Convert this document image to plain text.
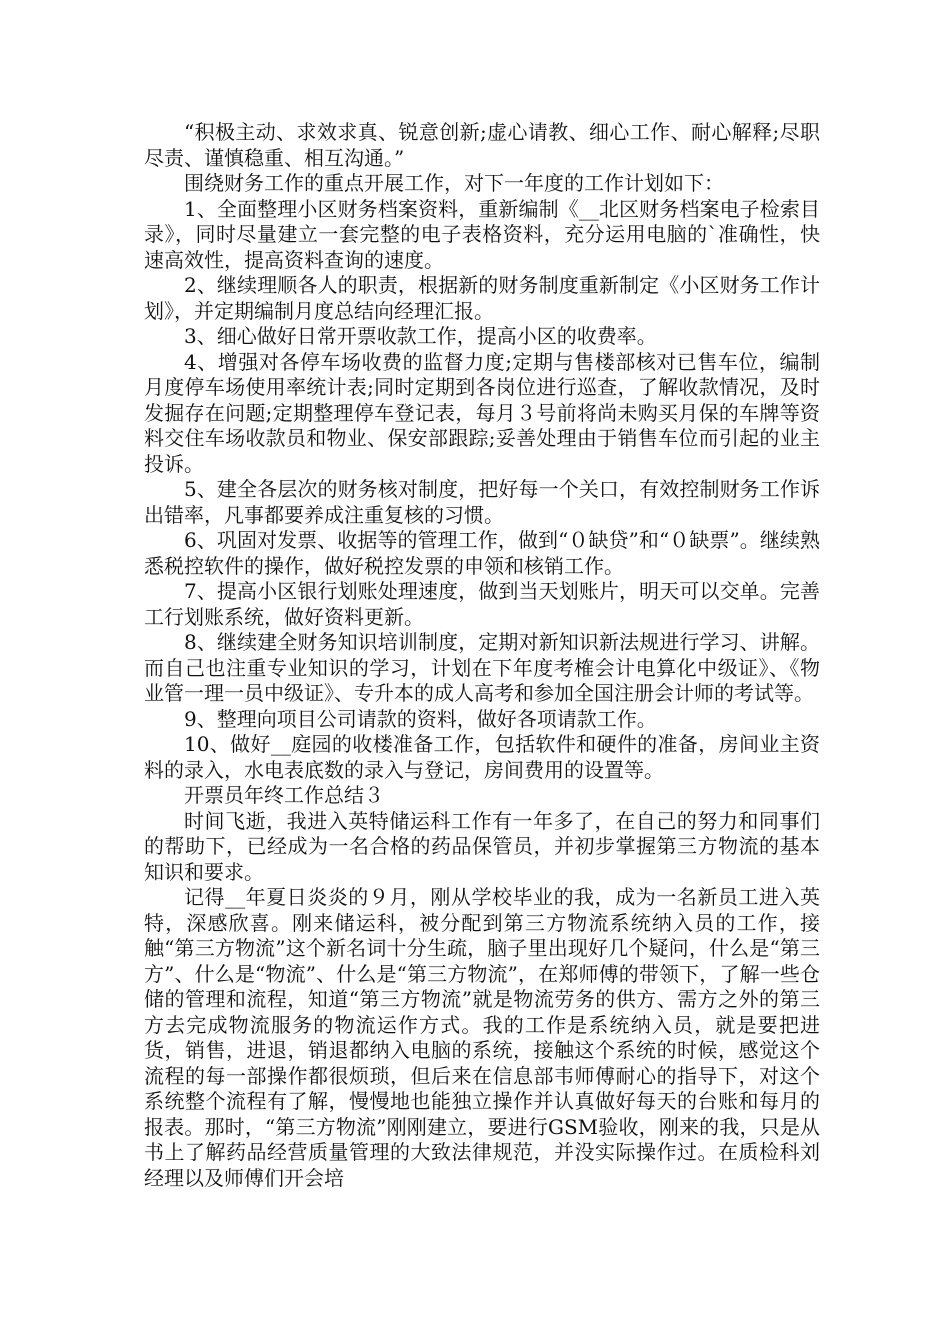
“积极主动、求效求真、锐意创新;虚心请教、细心工作、耐心解释;尽职尽责、谨慎稳重、相互沟通。”

围绕财务工作的重点开展工作，对下一年度的工作计划如下：

1、全面整理小区财务档案资料，重新编制《__北区财务档案电子检索目录》，同时尽量建立一套完整的电子表格资料，充分运用电脑的`准确性，快速高效性，提高资料查询的速度。

2、继续理顺各人的职责，根据新的财务制度重新制定《小区财务工作计划》，并定期编制月度总结向经理汇报。

3、细心做好日常开票收款工作，提高小区的收费率。

4、增强对各停车场收费的监督力度;定期与售楼部核对已售车位，编制月度停车场使用率统计表;同时定期到各岗位进行巡查，了解收款情况，及时发掘存在问题;定期整理停车登记表，每月３号前将尚未购买月保的车牌等资料交住车场收款员和物业、保安部跟踪;妥善处理由于销售车位而引起的业主投诉。

5、建全各层次的财务核对制度，把好每一个关口，有效控制财务工作诉出错率，凡事都要养成注重复核的习惯。

6、巩固对发票、收据等的管理工作，做到“０缺贷”和“０缺票”。继续熟悉税控软件的操作，做好税控发票的申领和核销工作。

7、提高小区银行划账处理速度，做到当天划账片，明天可以交单。完善工行划账系统，做好资料更新。

8、继续建全财务知识培训制度，定期对新知识新法规进行学习、讲解。而自己也注重专业知识的学习，计划在下年度考榷会计电算化中级证》、《物业管一理一员中级证》、专升本的成人高考和参加全国注册会计师的考试等。

9、整理向项目公司请款的资料，做好各项请款工作。

10、做好__庭园的收楼准备工作，包括软件和硬件的准备，房间业主资料的录入，水电表底数的录入与登记，房间费用的设置等。

开票员年终工作总结３

时间飞逝，我进入英特储运科工作有一年多了，在自己的努力和同事们的帮助下，已经成为一名合格的药品保管员，并初步掌握第三方物流的基本知识和要求。

记得__年夏日炎炎的９月，刚从学校毕业的我，成为一名新员工进入英特，深感欣喜。刚来储运科，被分配到第三方物流系统纳入员的工作，接触“第三方物流”这个新名词十分生疏，脑子里出现好几个疑问，什么是“第三方”、什么是“物流”、什么是“第三方物流”，在郑师傅的带领下，了解一些仓储的管理和流程，知道“第三方物流”就是物流劳务的供方、需方之外的第三方去完成物流服务的物流运作方式。我的工作是系统纳入员，就是要把进货，销售，进退，销退都纳入电脑的系统，接触这个系统的时候，感觉这个流程的每一部操作都很烦琐，但后来在信息部韦师傅耐心的指导下，对这个系统整个流程有了解，慢慢地也能独立操作并认真做好每天的台账和每月的报表。那时，“第三方物流”刚刚建立，要进行GSM验收，刚来的我，只是从书上了解药品经营质量管理的大致法律规范，并没实际操作过。在质检科刘经理以及师傅们开会培
